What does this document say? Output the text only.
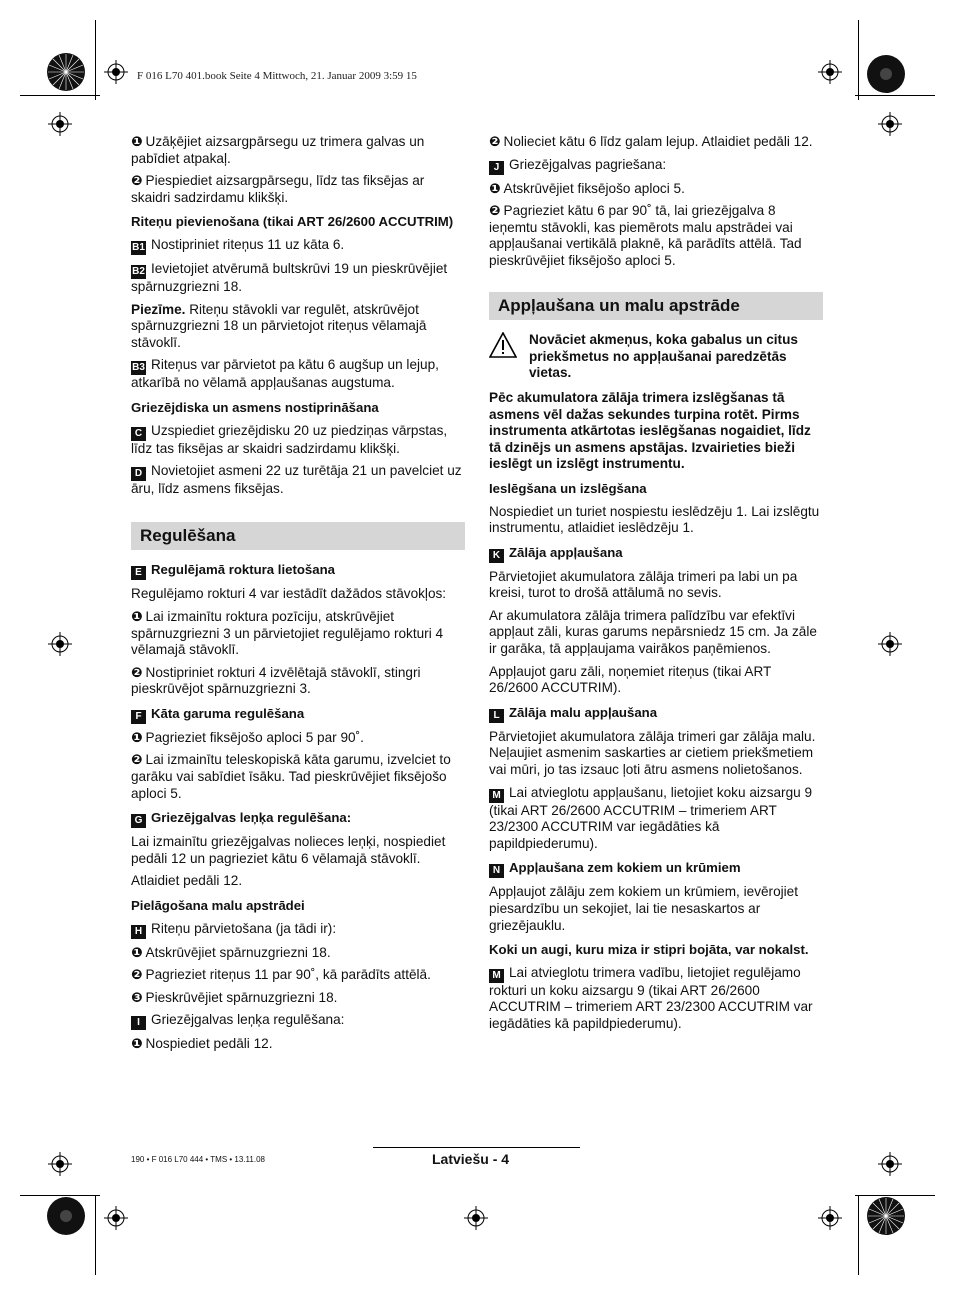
F 016 L70 401.book Seite 4 Mittwoch, 21. Januar 2009 3:59 15

❶ Uzāķējiet aizsargpārsegu uz trimera galvas un pabīdiet atpakaļ.

❷ Piespiediet aizsargpārsegu, līdz tas fiksējas ar skaidri sadzirdamu klikšķi.

Riteņu pievienošana (tikai ART 26/2600 ACCUTRIM)

B1 Nostipriniet riteņus 11 uz kāta 6.

B2 Ievietojiet atvērumā bultskrūvi 19 un pieskrūvējiet spārnuzgriezni 18.

Piezīme. Riteņu stāvokli var regulēt, atskrūvējot spārnuzgriezni 18 un pārvietojot riteņus vēlamajā stāvoklī.

B3 Riteņus var pārvietot pa kātu 6 augšup un lejup, atkarībā no vēlamā appļaušanas augstuma.

Griezējdiska un asmens nostiprināšana

C Uzspiediet griezējdisku 20 uz piedziņas vārpstas, līdz tas fiksējas ar skaidri sadzirdamu klikšķi.

D Novietojiet asmeni 22 uz turētāja 21 un pavelciet uz āru, līdz asmens fiksējas.

Regulēšana
E Regulējamā roktura lietošana

Regulējamo rokturi 4 var iestādīt dažādos stāvokļos:

❶ Lai izmainītu roktura pozīciju, atskrūvējiet spārnuzgriezni 3 un pārvietojiet regulējamo rokturi 4 vēlamajā stāvoklī.

❷ Nostipriniet rokturi 4 izvēlētajā stāvoklī, stingri pieskrūvējot spārnuzgriezni 3.

F Kāta garuma regulēšana

❶ Pagrieziet fiksējošo aploci 5 par 90˚.

❷ Lai izmainītu teleskopiskā kāta garumu, izvelciet to garāku vai sabīdiet īsāku. Tad pieskrūvējiet fiksējošo aploci 5.

G Griezējgalvas leņķa regulēšana:

Lai izmainītu griezējgalvas nolieces leņķi, nospiediet pedāli 12 un pagrieziet kātu 6 vēlamajā stāvoklī.

Atlaidiet pedāli 12.

Pielāgošana malu apstrādei

H Riteņu pārvietošana (ja tādi ir):

❶ Atskrūvējiet spārnuzgriezni 18.

❷ Pagrieziet riteņus 11 par 90˚, kā parādīts attēlā.

❸ Pieskrūvējiet spārnuzgriezni 18.

I Griezējgalvas leņķa regulēšana:

❶ Nospiediet pedāli 12.

❷ Nolieciet kātu 6 līdz galam lejup. Atlaidiet pedāli 12.

J Griezējgalvas pagriešana:

❶ Atskrūvējiet fiksējošo aploci 5.

❷ Pagrieziet kātu 6 par 90˚ tā, lai griezējgalva 8 ieņemtu stāvokli, kas piemērots malu apstrādei vai appļaušanai vertikālā plaknē, kā parādīts attēlā. Tad pieskrūvējiet fiksējošo aploci 5.

Appļaušana un malu apstrāde
Novāciet akmeņus, koka gabalus un citus priekšmetus no appļaušanai paredzētās vietas.

Pēc akumulatora zālāja trimera izslēgšanas tā asmens vēl dažas sekundes turpina rotēt. Pirms instrumenta atkārtotas ieslēgšanas nogaidiet, līdz tā dzinējs un asmens apstājas. Izvairieties bieži ieslēgt un izslēgt instrumentu.

Ieslēgšana un izslēgšana

Nospiediet un turiet nospiestu ieslēdzēju 1. Lai izslēgtu instrumentu, atlaidiet ieslēdzēju 1.

K Zālāja appļaušana

Pārvietojiet akumulatora zālāja trimeri pa labi un pa kreisi, turot to drošā attālumā no sevis.

Ar akumulatora zālāja trimera palīdzību var efektīvi appļaut zāli, kuras garums nepārsniedz 15 cm. Ja zāle ir garāka, tā appļaujama vairākos paņēmienos.

Appļaujot garu zāli, noņemiet riteņus (tikai ART 26/2600 ACCUTRIM).

L Zālāja malu appļaušana

Pārvietojiet akumulatora zālāja trimeri gar zālāja malu. Neļaujiet asmenim saskarties ar cietiem priekšmetiem vai mūri, jo tas izsauc ļoti ātru asmens nolietošanos.

M Lai atvieglotu appļaušanu, lietojiet koku aizsargu 9 (tikai ART 26/2600 ACCUTRIM – trimeriem ART 23/2300 ACCUTRIM var iegādāties kā papildpiederumu).

N Appļaušana zem kokiem un krūmiem

Appļaujot zālāju zem kokiem un krūmiem, ievērojiet piesardzību un sekojiet, lai tie nesaskartos ar griezējauklu.

Koki un augi, kuru miza ir stipri bojāta, var nokalst.

M Lai atvieglotu trimera vadību, lietojiet regulējamo rokturi un koku aizsargu 9 (tikai ART 26/2600 ACCUTRIM – trimeriem ART 23/2300 ACCUTRIM var iegādāties kā papildpiederumu).

190 • F 016 L70 444 • TMS • 13.11.08	Latviešu - 4
